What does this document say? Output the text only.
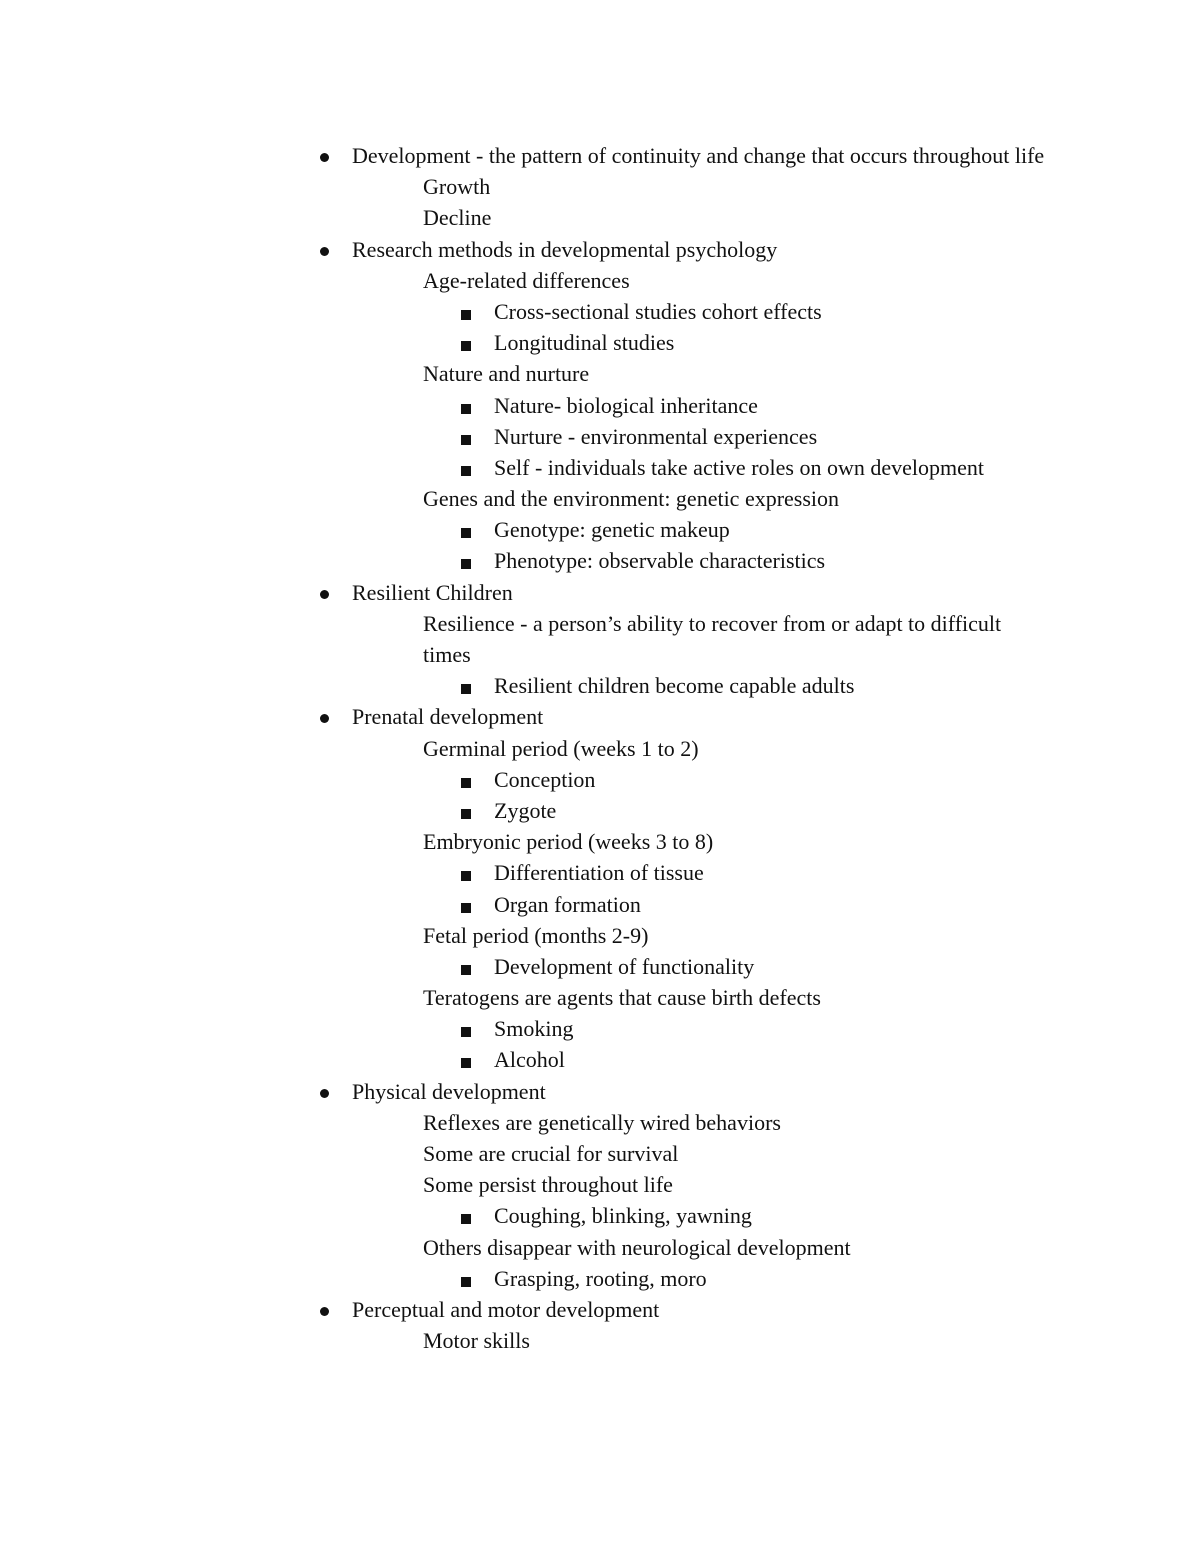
Development - the pattern of continuity and change that occurs throughout life
Growth
Decline
Research methods in developmental psychology
Age-related differences
Cross-sectional studies cohort effects
Longitudinal studies
Nature and nurture
Nature- biological inheritance
Nurture - environmental experiences
Self - individuals take active roles on own development
Genes and the environment: genetic expression
Genotype: genetic makeup
Phenotype: observable characteristics
Resilient Children
Resilience - a person’s ability to recover from or adapt to difficult times
Resilient children become capable adults
Prenatal development
Germinal period (weeks 1 to 2)
Conception
Zygote
Embryonic period (weeks 3 to 8)
Differentiation of tissue
Organ formation
Fetal period (months 2-9)
Development of functionality
Teratogens are agents that cause birth defects
Smoking
Alcohol
Physical development
Reflexes are genetically wired behaviors
Some are crucial for survival
Some persist throughout life
Coughing, blinking, yawning
Others disappear with neurological development
Grasping, rooting, moro
Perceptual and motor development
Motor skills
